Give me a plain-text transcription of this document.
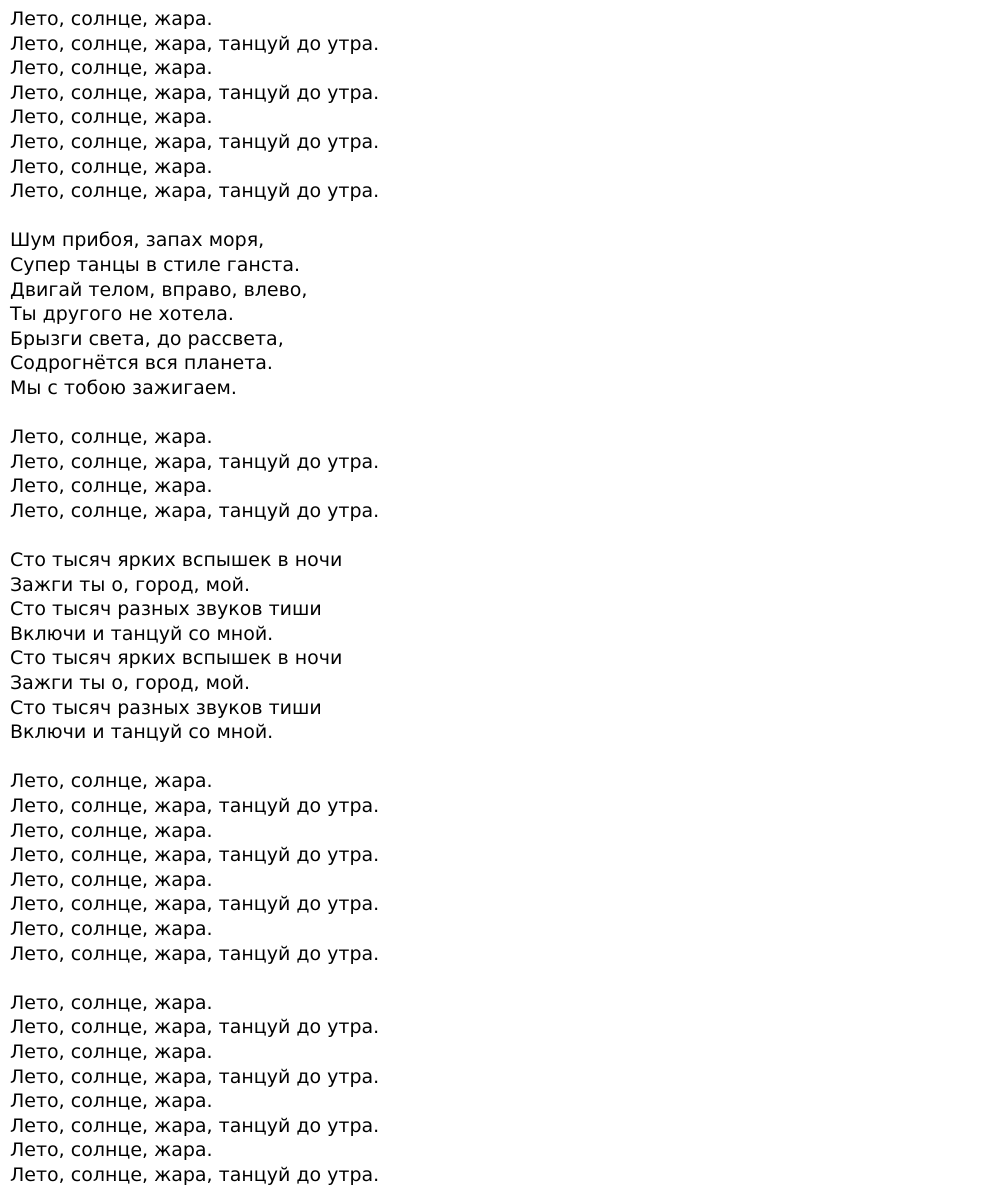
Лето, солнце, жара.
Лето, солнце, жара, танцуй до утра.
Лето, солнце, жара.
Лето, солнце, жара, танцуй до утра.
Лето, солнце, жара.
Лето, солнце, жара, танцуй до утра.
Лето, солнце, жара.
Лето, солнце, жара, танцуй до утра.
Шум прибоя, запах моря,
Супер танцы в стиле ганста.
Двигай телом, вправо, влево,
Ты другого не хотела.
Брызги света, до рассвета,
Содрогнётся вся планета.
Мы с тобою зажигаем.
Лето, солнце, жара.
Лето, солнце, жара, танцуй до утра.
Лето, солнце, жара.
Лето, солнце, жара, танцуй до утра.
Сто тысяч ярких вспышек в ночи
Зажги ты о, город, мой.
Сто тысяч разных звуков тиши
Включи и танцуй со мной.
Сто тысяч ярких вспышек в ночи
Зажги ты о, город, мой.
Сто тысяч разных звуков тиши
Включи и танцуй со мной.
Лето, солнце, жара.
Лето, солнце, жара, танцуй до утра.
Лето, солнце, жара.
Лето, солнце, жара, танцуй до утра.
Лето, солнце, жара.
Лето, солнце, жара, танцуй до утра.
Лето, солнце, жара.
Лето, солнце, жара, танцуй до утра.
Лето, солнце, жара.
Лето, солнце, жара, танцуй до утра.
Лето, солнце, жара.
Лето, солнце, жара, танцуй до утра.
Лето, солнце, жара.
Лето, солнце, жара, танцуй до утра.
Лето, солнце, жара.
Лето, солнце, жара, танцуй до утра.
